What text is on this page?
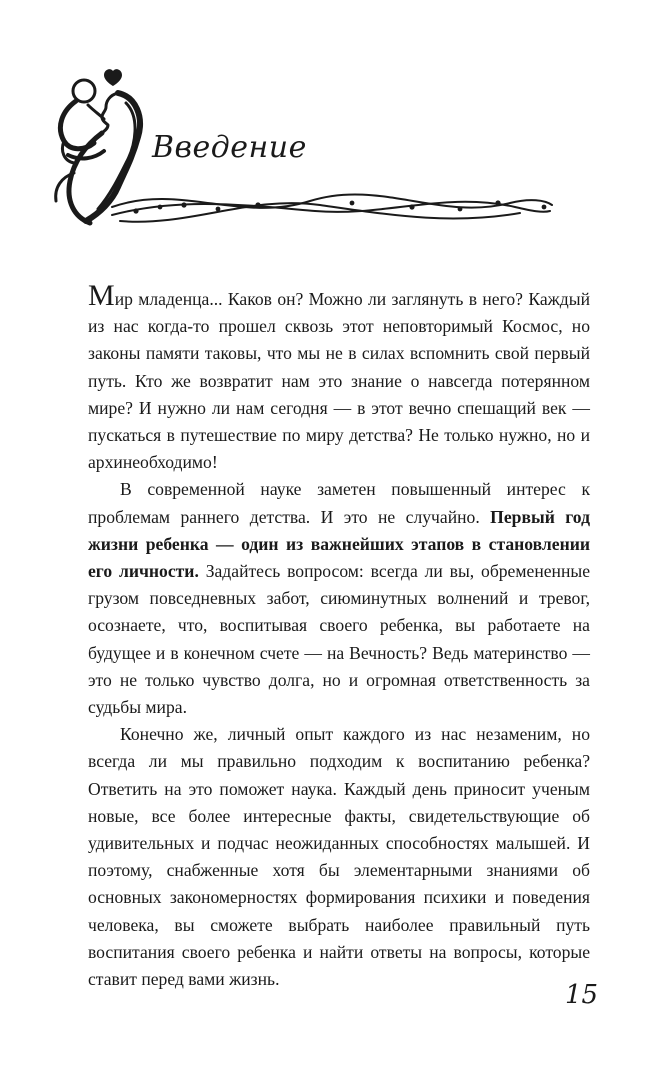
Введение

Мир младенца... Каков он? Можно ли заглянуть в него? Каждый из нас когда-то прошел сквозь этот неповторимый Космос, но законы памяти таковы, что мы не в силах вспомнить свой первый путь. Кто же возвратит нам это знание о навсегда потерянном мире? И нужно ли нам сегодня — в этот вечно спешащий век — пускаться в путешествие по миру детства? Не только нужно, но и архинеобходимо!

В современной науке заметен повышенный интерес к проблемам раннего детства. И это не случайно. Первый год жизни ребенка — один из важнейших этапов в становлении его личности. Задайтесь вопросом: всегда ли вы, обремененные грузом повседневных забот, сиюминутных волнений и тревог, осознаете, что, воспитывая своего ребенка, вы работаете на будущее и в конечном счете — на Вечность? Ведь материнство — это не только чувство долга, но и огромная ответственность за судьбы мира.

Конечно же, личный опыт каждого из нас незаменим, но всегда ли мы правильно подходим к воспитанию ребенка? Ответить на это поможет наука. Каждый день приносит ученым новые, все более интересные факты, свидетельствующие об удивительных и подчас неожиданных способностях малышей. И поэтому, снабженные хотя бы элементарными знаниями об основных закономерностях формирования психики и поведения человека, вы сможете выбрать наиболее правильный путь воспитания своего ребенка и найти ответы на вопросы, которые ставит перед вами жизнь.

15
